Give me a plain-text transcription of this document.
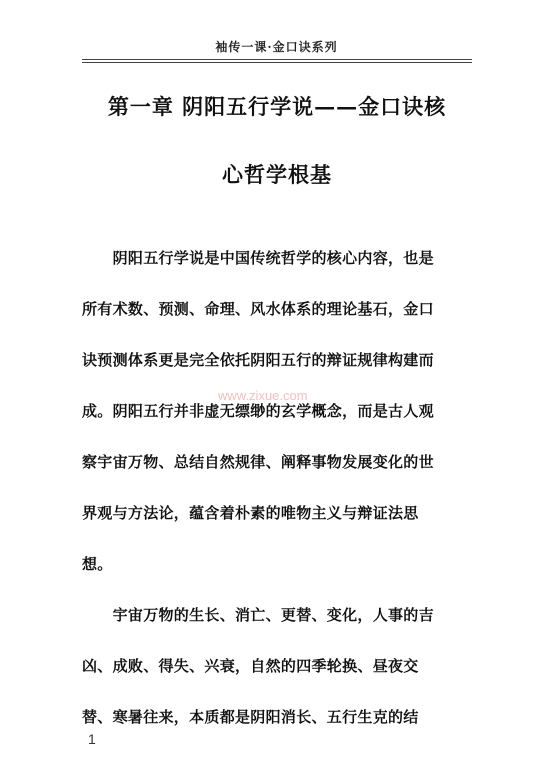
袖传一课·金口诀系列
第一章 阴阳五行学说——金口诀核
心哲学根基
　　阴阳五行学说是中国传统哲学的核心内容，也是
所有术数、预测、命理、风水体系的理论基石，金口
诀预测体系更是完全依托阴阳五行的辩证规律构建而
成。阴阳五行并非虚无缥缈的玄学概念，而是古人观
察宇宙万物、总结自然规律、阐释事物发展变化的世
界观与方法论，蕴含着朴素的唯物主义与辩证法思
想。
　　宇宙万物的生长、消亡、更替、变化，人事的吉
凶、成败、得失、兴衰，自然的四季轮换、昼夜交
替、寒暑往来，本质都是阴阳消长、五行生克的结
www.zixue.com
1
